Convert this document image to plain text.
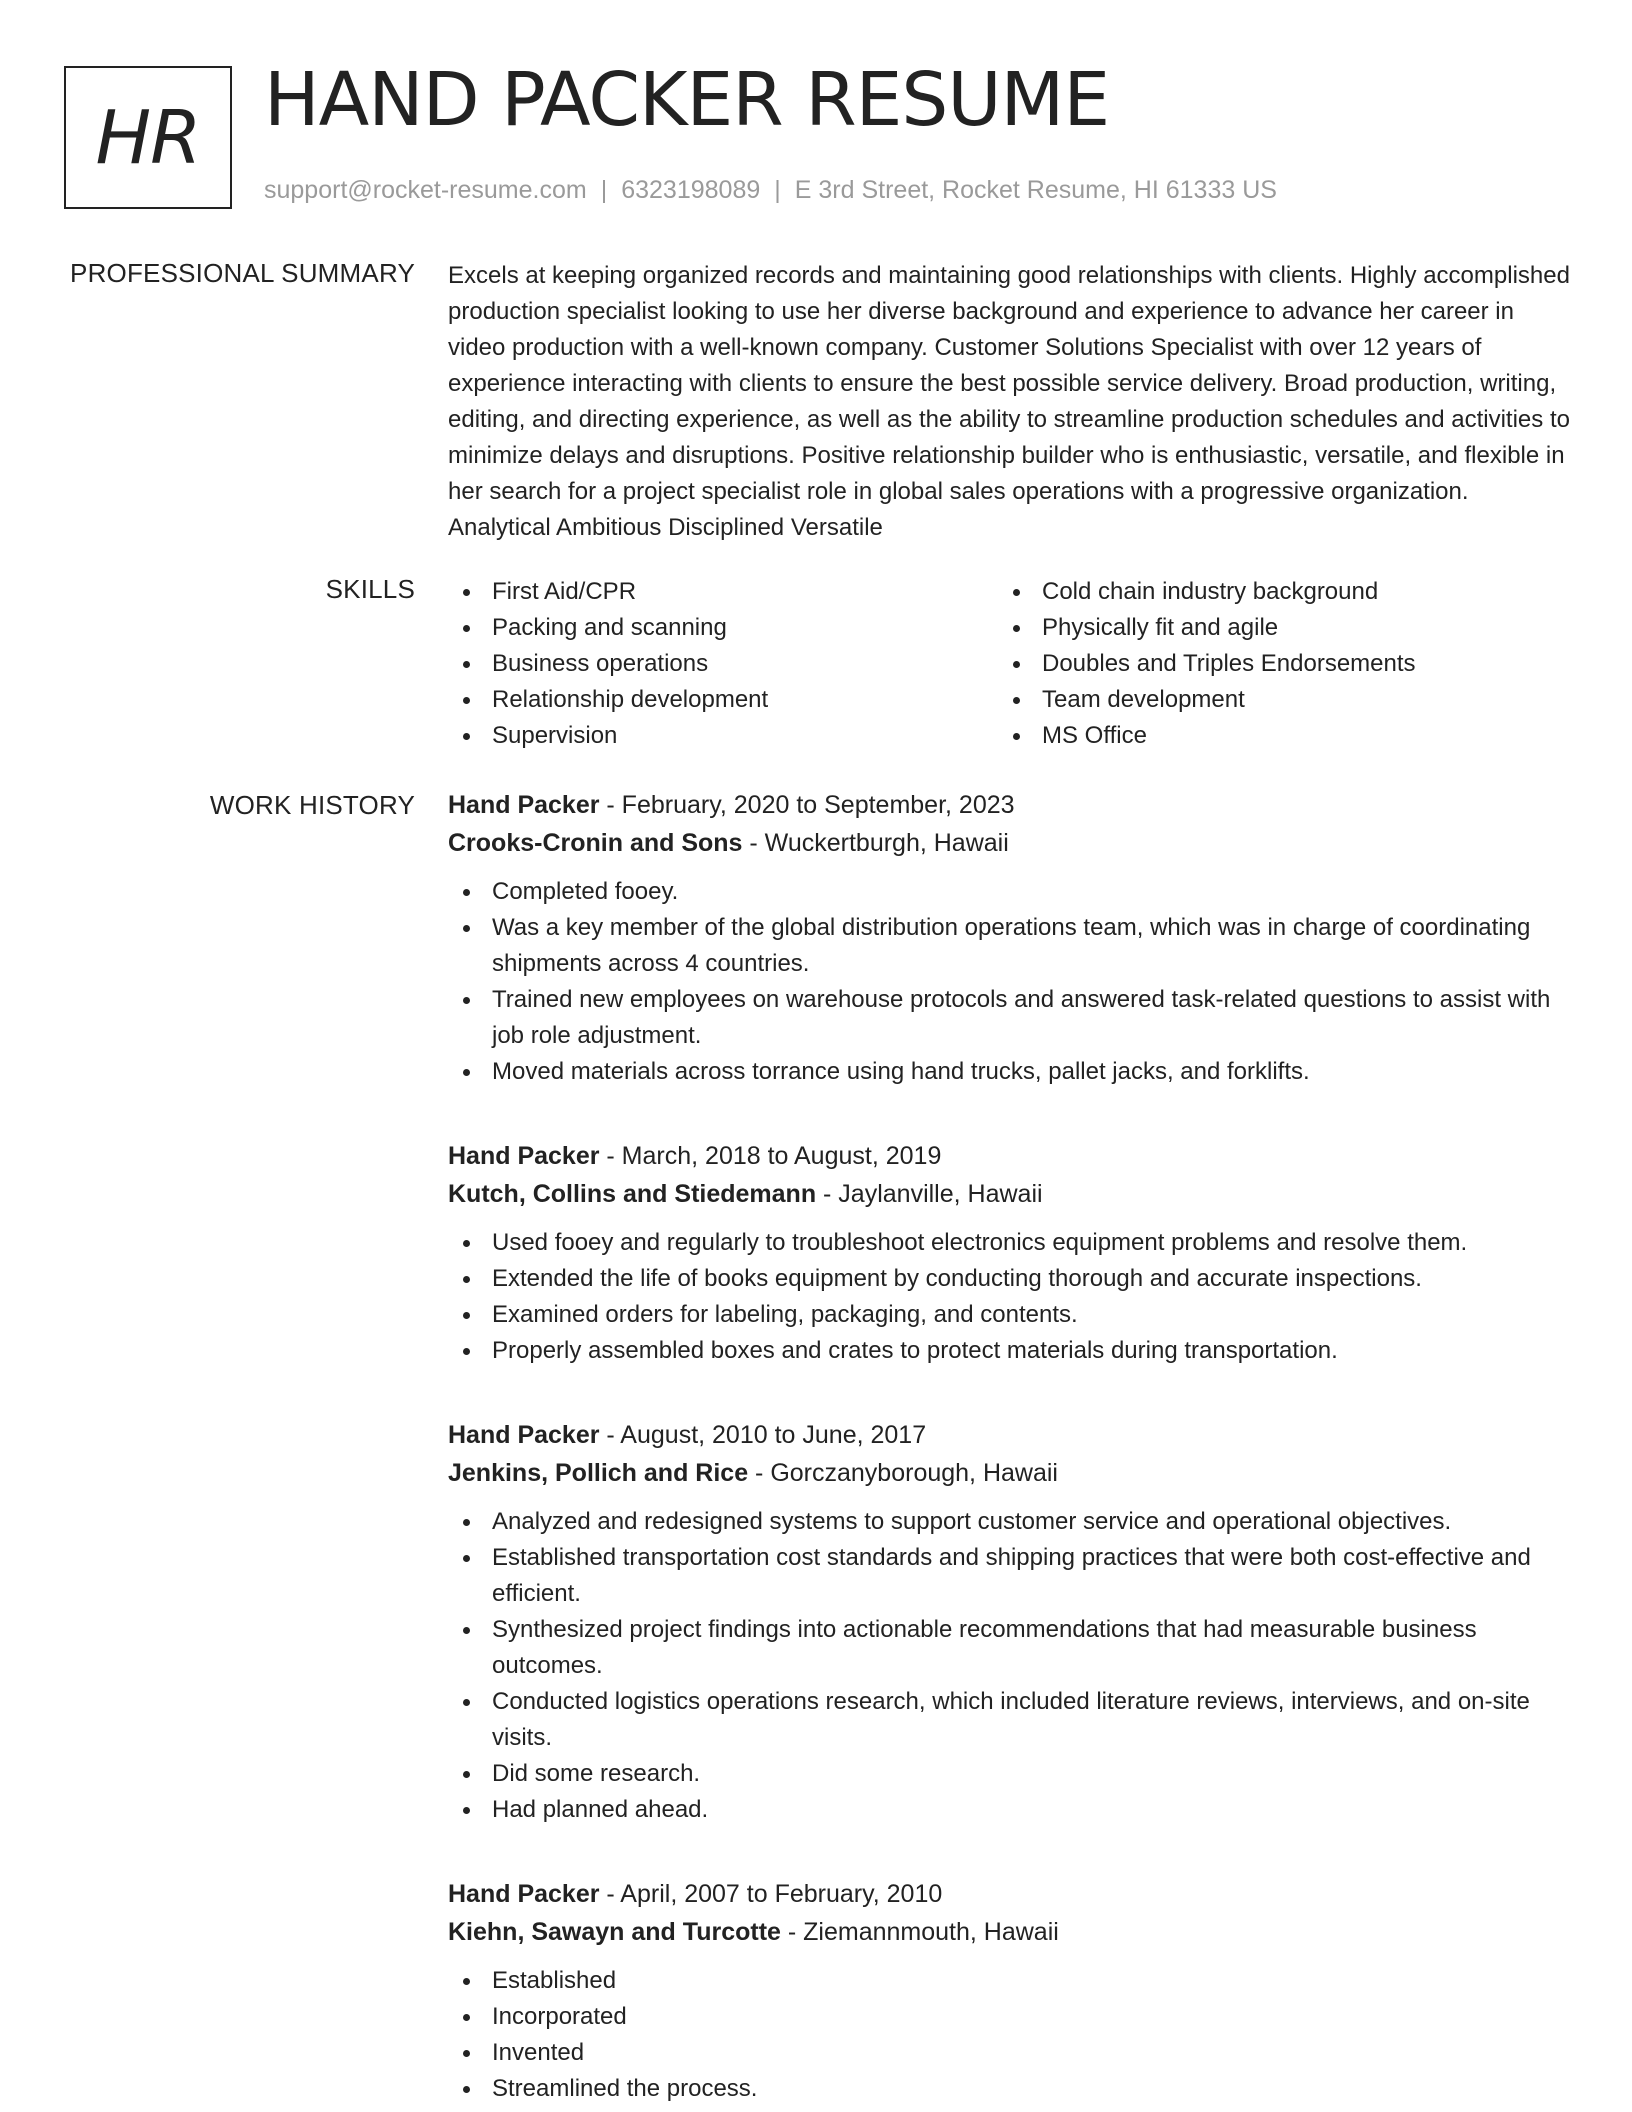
HR HAND PACKER RESUME
support@rocket-resume.com | 6323198089 | E 3rd Street, Rocket Resume, HI 61333 US
PROFESSIONAL SUMMARY Excels at keeping organized records and maintaining good relationships with clients. Highly accomplished production specialist looking to use her diverse background and experience to advance her career in video production with a well-known company. Customer Solutions Specialist with over 12 years of experience interacting with clients to ensure the best possible service delivery. Broad production, writing, editing, and directing experience, as well as the ability to streamline production schedules and activities to minimize delays and disruptions. Positive relationship builder who is enthusiastic, versatile, and flexible in her search for a project specialist role in global sales operations with a progressive organization. Analytical Ambitious Disciplined Versatile

SKILLS	First Aid/CPR
Packing and scanning
Business operations
Relationship development
Supervision
Cold chain industry background
Physically fit and agile
Doubles and Triples Endorsements
Team development
MS Office
WORK HISTORY Hand Packer - February, 2020 to September, 2023
Crooks-Cronin and Sons - Wuckertburgh, Hawaii
Completed fooey.
Was a key member of the global distribution operations team, which was in charge of coordinating shipments across 4 countries.
Trained new employees on warehouse protocols and answered task-related questions to assist with job role adjustment.
Moved materials across torrance using hand trucks, pallet jacks, and forklifts.
Hand Packer - March, 2018 to August, 2019
Kutch, Collins and Stiedemann - Jaylanville, Hawaii
Used fooey and regularly to troubleshoot electronics equipment problems and resolve them.
Extended the life of books equipment by conducting thorough and accurate inspections.
Examined orders for labeling, packaging, and contents.
Properly assembled boxes and crates to protect materials during transportation.
Hand Packer - August, 2010 to June, 2017
Jenkins, Pollich and Rice - Gorczanyborough, Hawaii
Analyzed and redesigned systems to support customer service and operational objectives.
Established transportation cost standards and shipping practices that were both cost-effective and efficient.
Synthesized project findings into actionable recommendations that had measurable business outcomes.
Conducted logistics operations research, which included literature reviews, interviews, and on-site visits.
Did some research.
Had planned ahead.
Hand Packer - April, 2007 to February, 2010
Kiehn, Sawayn and Turcotte - Ziemannmouth, Hawaii
Established
Incorporated
Invented
Streamlined the process.
